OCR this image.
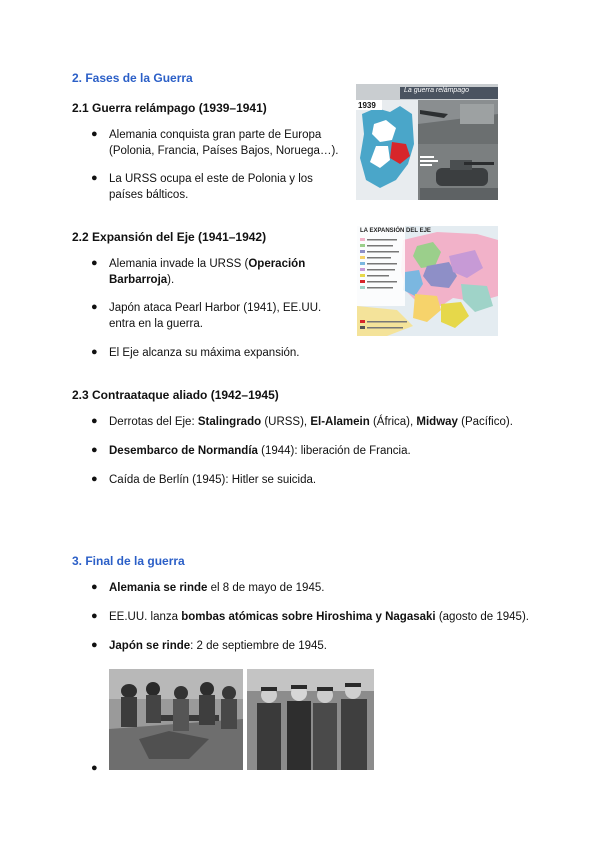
2. Fases de la Guerra
2.1 Guerra relámpago (1939–1941)
● Alemania conquista gran parte de Europa (Polonia, Francia, Países Bajos, Noruega…).
● La URSS ocupa el este de Polonia y los países bálticos.
La guerra relámpago
1939
2.2 Expansión del Eje (1941–1942)
● Alemania invade la URSS (Operación Barbarroja).
● Japón ataca Pearl Harbor (1941), EE.UU. entra en la guerra.
● El Eje alcanza su máxima expansión.
LA EXPANSIÓN DEL EJE
2.3 Contraataque aliado (1942–1945)
● Derrotas del Eje: Stalingrado (URSS), El-Alamein (África), Midway (Pacífico).
● Desembarco de Normandía (1944): liberación de Francia.
● Caída de Berlín (1945): Hitler se suicida.
3. Final de la guerra
● Alemania se rinde el 8 de mayo de 1945.
● EE.UU. lanza bombas atómicas sobre Hiroshima y Nagasaki (agosto de 1945).
● Japón se rinde: 2 de septiembre de 1945.
●
